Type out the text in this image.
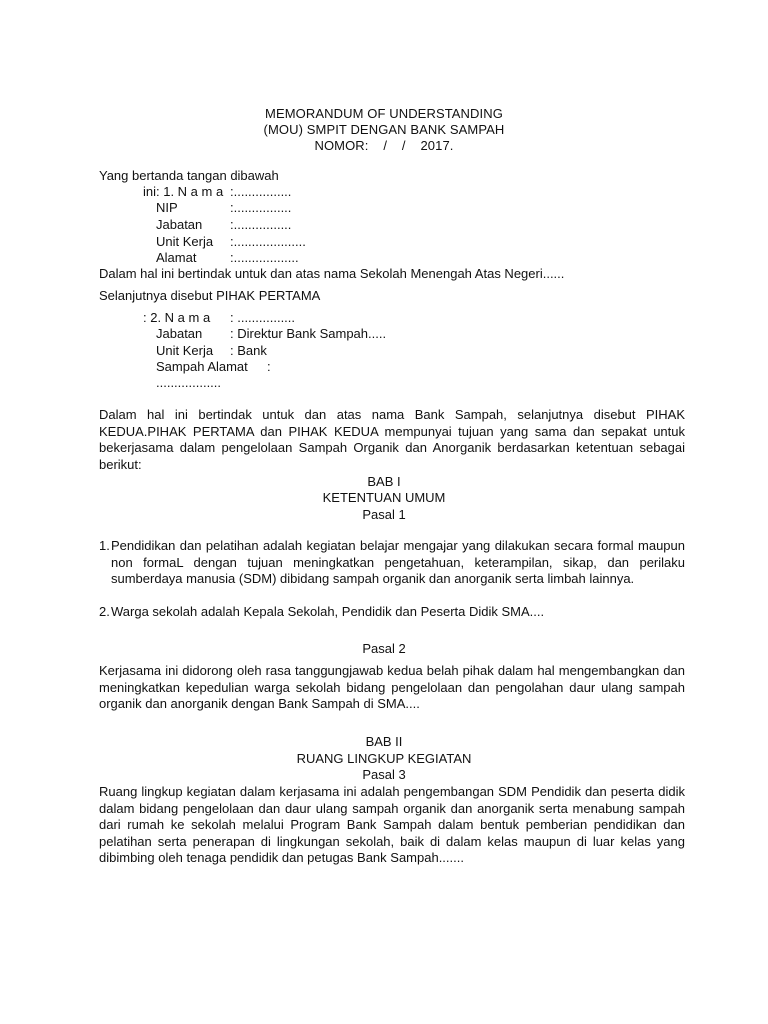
MEMORANDUM OF UNDERSTANDING
(MOU) SMPIT DENGAN BANK SAMPAH
NOMOR:    /    /    2017.
Yang bertanda tangan dibawah
ini: 1. N a m a :................
NIP	:................
Jabatan :................
Unit Kerja :....................
Alamat	:..................
Dalam hal ini bertindak untuk dan atas nama Sekolah Menengah Atas Negeri......
Selanjutnya disebut PIHAK PERTAMA
: 2. N a m a : ................
Jabatan : Direktur Bank Sampah.....
Unit Kerja : Bank
Sampah Alamat :
..................
Dalam hal ini bertindak untuk dan atas nama Bank Sampah, selanjutnya disebut PIHAK KEDUA.PIHAK PERTAMA dan PIHAK KEDUA mempunyai tujuan yang sama dan sepakat untuk bekerjasama dalam pengelolaan Sampah Organik dan Anorganik berdasarkan ketentuan sebagai berikut:
BAB I
KETENTUAN UMUM
Pasal 1
1. Pendidikan dan pelatihan adalah kegiatan belajar mengajar yang dilakukan secara formal maupun non formaL dengan tujuan meningkatkan pengetahuan, keterampilan, sikap, dan perilaku sumberdaya manusia (SDM) dibidang sampah organik dan anorganik serta limbah lainnya.
2. Warga sekolah adalah Kepala Sekolah, Pendidik dan Peserta Didik SMA....
Pasal 2
Kerjasama ini didorong oleh rasa tanggungjawab kedua belah pihak dalam hal mengembangkan dan meningkatkan kepedulian warga sekolah bidang pengelolaan dan pengolahan daur ulang sampah organik dan anorganik dengan Bank Sampah di SMA....
BAB II
RUANG LINGKUP KEGIATAN
Pasal 3
Ruang lingkup kegiatan dalam kerjasama ini adalah pengembangan SDM Pendidik dan peserta didik dalam bidang pengelolaan dan daur ulang sampah organik dan anorganik serta menabung sampah dari rumah ke sekolah melalui Program Bank Sampah dalam bentuk pemberian pendidikan dan pelatihan serta penerapan di lingkungan sekolah, baik di dalam kelas maupun di luar kelas yang dibimbing oleh tenaga pendidik dan petugas Bank Sampah.......
